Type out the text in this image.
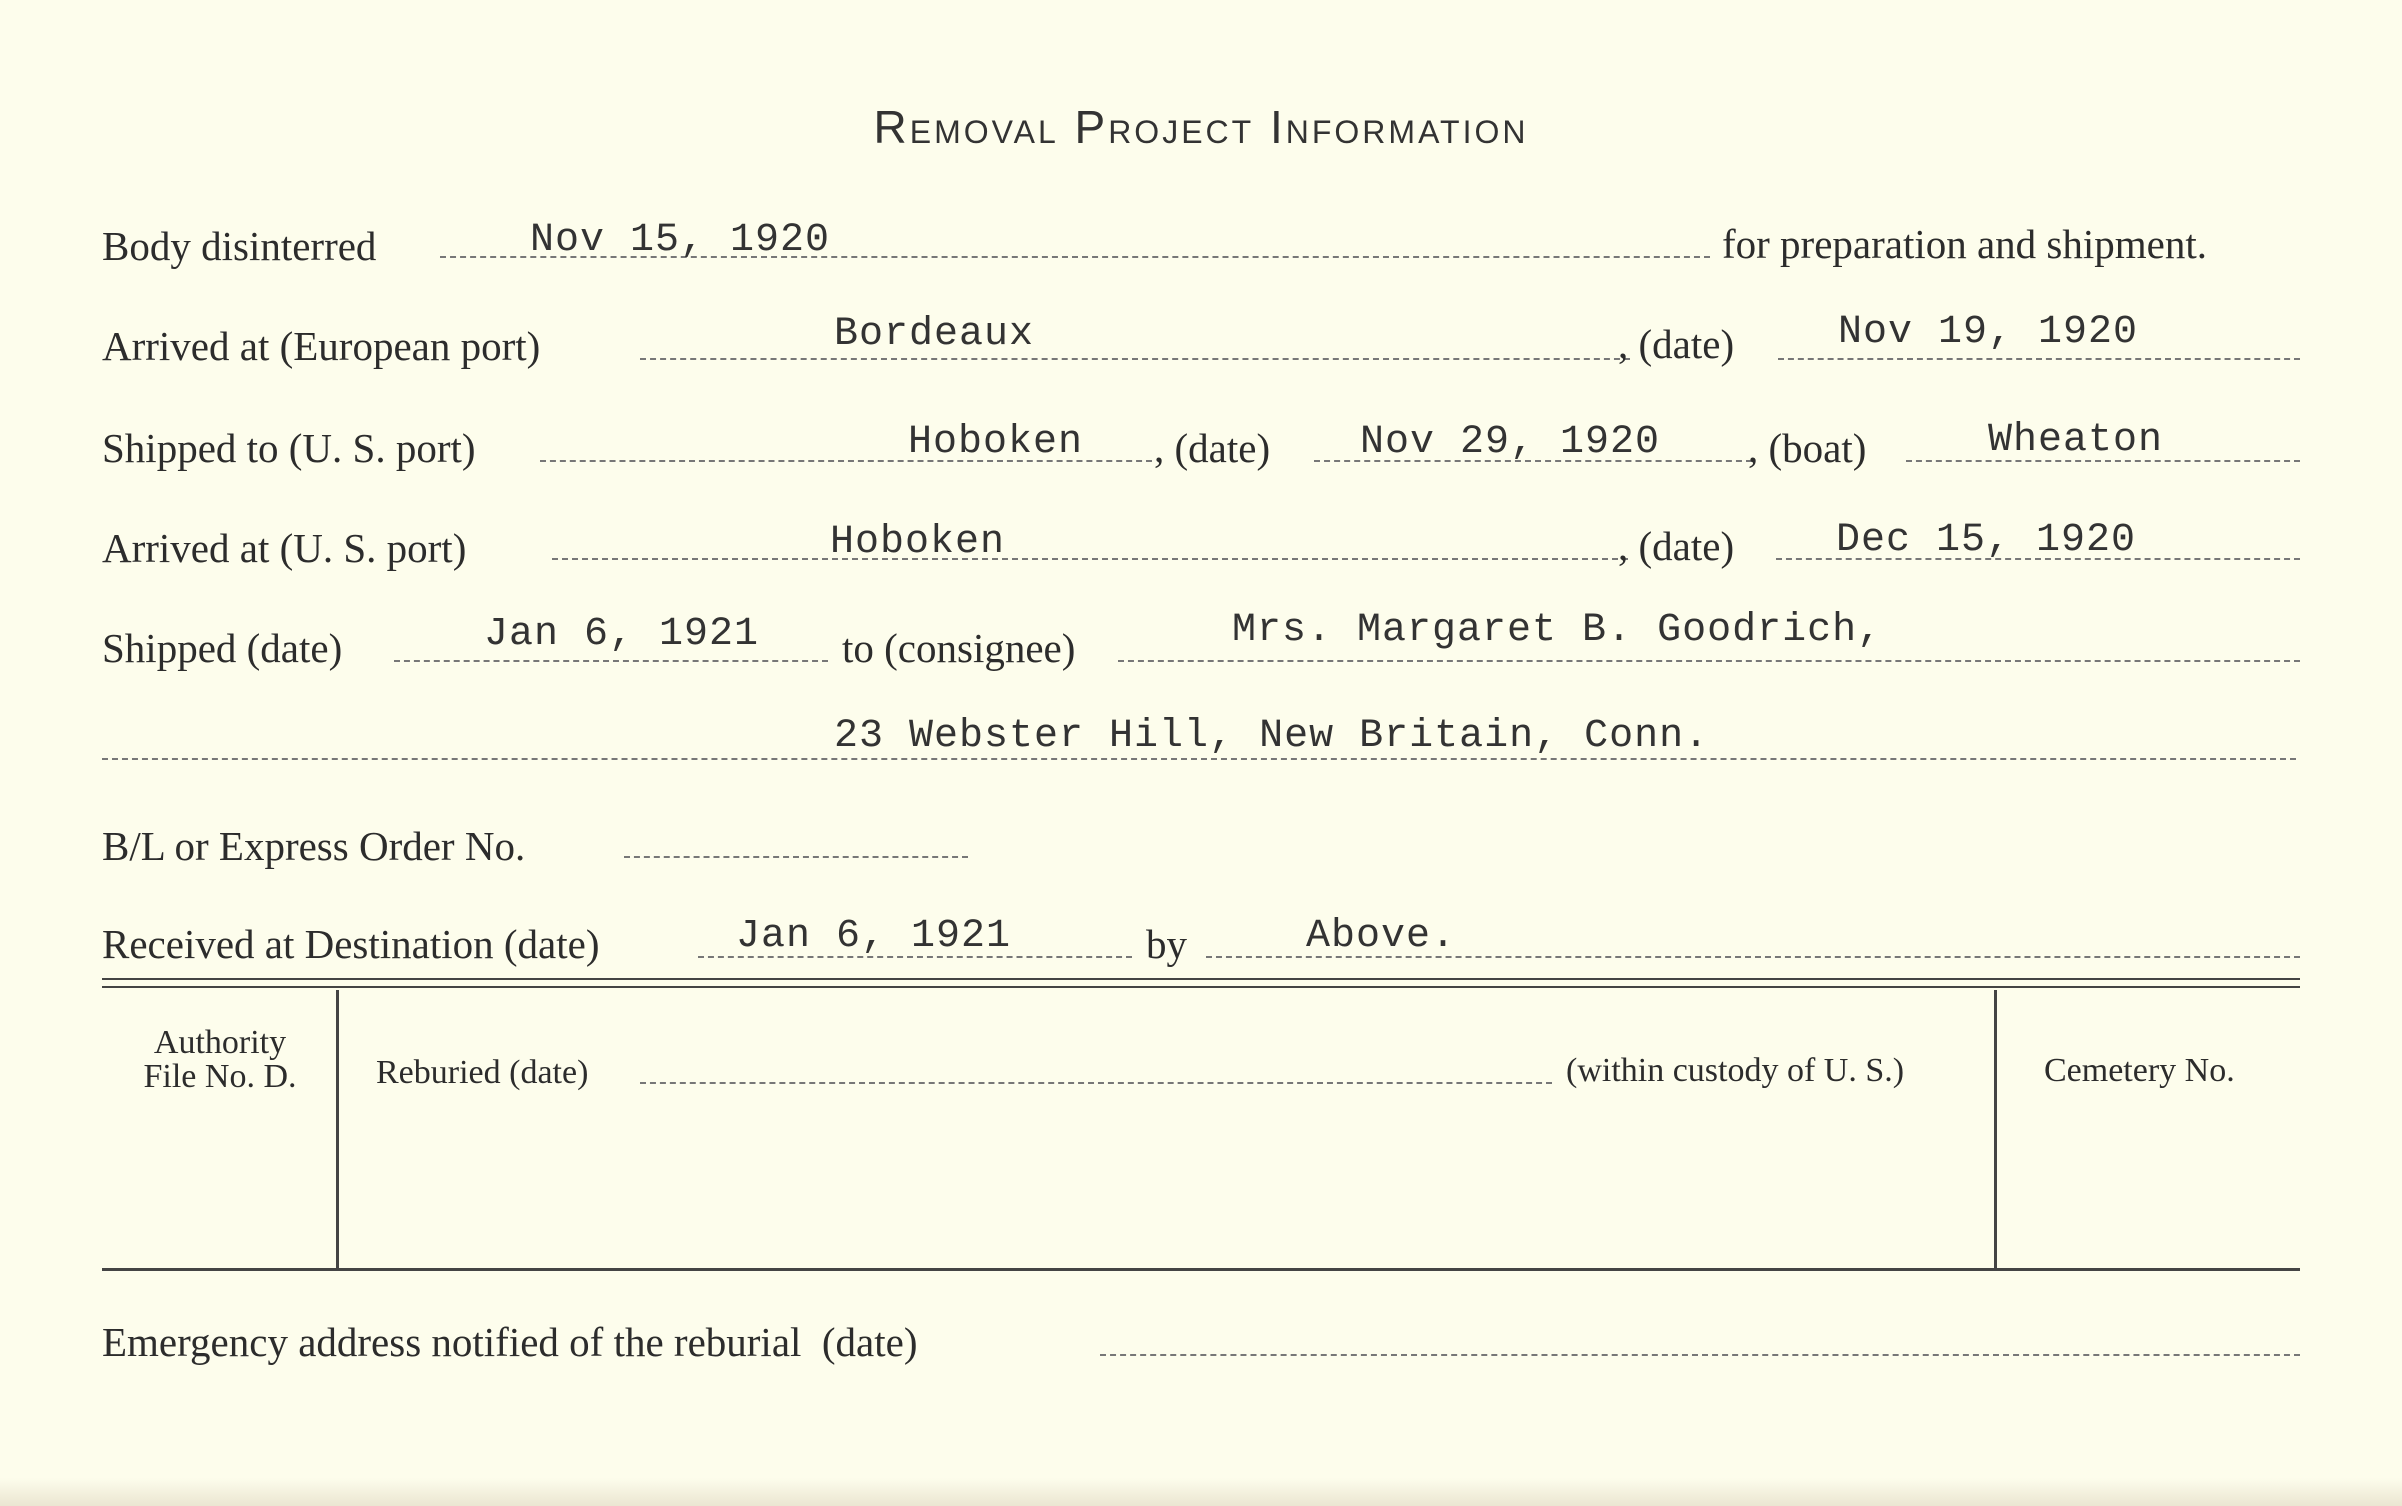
Removal Project Information
Body disinterred	Nov 15, 1920	for preparation and shipment.
Arrived at (European port)	Bordeaux	, (date)	Nov 19, 1920
Shipped to (U. S. port)	Hoboken , (date) Nov 29, 1920 , (boat)	Wheaton
Arrived at (U. S. port)	Hoboken	, (date)	Dec 15, 1920
Shipped (date)	Jan 6, 1921 to (consignee)	Mrs. Margaret B. Goodrich,
23 Webster Hill, New Britain, Conn.
B/L or Express Order No.
Received at Destination (date)	Jan 6, 1921	by	Above.
Authority
File No. D.	Reburied (date)	(within custody of U. S.)	Cemetery No.
Emergency address notified of the reburial  (date)
